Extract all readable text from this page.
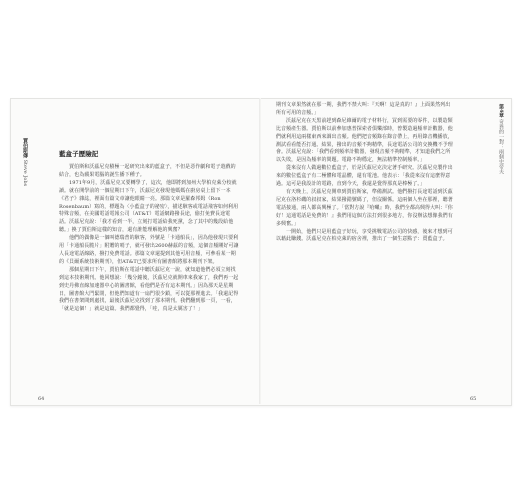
賈伯斯傳 Steve Jobs
第4章 奇異的一對：兩個史帝夫
藍盒子歷險記

賈伯斯和沃茲尼克積極一起研究出來的藍盒子，不但是惡作劇和電子遊戲的結合，也為蘋果電腦的誕生播下種子。

1971年9月，沃茲尼克又要轉學了，這次，他即將到加州大學柏克萊分校就讀。就在開學前的一個星期日下午，沃茲尼克發現他媽媽在廚房桌上留下一本《君子》雜誌，裡面有篇文章讓他眼睛一亮。那篇文章是羅森邦姆（Ron Rosenbaum）寫的，標題為〈小藍盒子的祕密〉，描述駭客或電話飛客如何利用特殊音頻，在美國電話電報公司（AT&T）電話網路撥長途，偷打免費長途電話。沃茲尼克說：「我才看到一半，立刻打電話給我死黨，念了其中的幾段給他聽。」換了賈伯斯這樣的知音，還有誰能理解他的興奮？

他們的偶像是一個叫德瑞普的駭客，外號是「卡通船長」，因為他發現只要利用「卡通船長脆片」附贈的哨子，就可發出2600赫茲的音頻，這個音頻剛好可讓人長途電話線路，撥打免費電話。那篇文章還提到其他可用音頻，可參看某一期的《貝爾系統技術期刊》，但AT&T已要求所有圖書館將那本期刊下架。

那個星期日下午，賈伯斯在電話中聽沃茲尼克一說，就知道他們必須立刻找到這本技術期刊。他回想說：「幾分鐘後，沃茲尼克就開車來我家了，我們再一起到史丹佛直線加速器中心的圖書館，看他們是否有這本期刊。」因為那天是星期日，圖書館大門緊閉，但他們知道有一扇門很少鎖，可以從那裡進去。「我還記得我們在書架間到處找，最後沃茲尼克找到了那本期刊。我們翻到那一頁，一看，「就是這個！」就是這篇。我們都覺得，「哇，真是太厲害了！」

期刊文章果然就在那一期，我們不禁大叫：『天啊！這是真的！』上面果然列出所有可用的音頻。」

沃茲尼克在天黑前趕到森尼維爾的電子材料行，買到需要的零件，以製造類比音頻產生器。賈伯斯以前參加惠普探索者俱樂部時，曾製造過頻率計數器，他們就利用這兩樣東西來調出音頻。他們把音頻錄在錄音帶上，再用錄音機播放，測試看看能否打通。結果，撥出的音頻不夠精準，長途電話公司的交換機不予理會。沃茲尼克說：「我們看到頻率計數器，發現音頻不夠精準，才知道我們之所以失敗，是因為頻率的問題。電路不夠穩定，無法精準控制頻率。」

從來沒有人做過數位藍盒子，於是沃茲尼克決定著手研究。沃茲尼克製作出來的數位藍盒子有二極體和電晶體，還有電池。他表示：「我從來沒有這麼得意過。這可是我設計的電路，直到今天，我還是覺得那真是棒極了。」

有天晚上，沃茲尼克開車到賈伯斯家，準備測試。他們撥打長途電話到沃茲尼克在洛杉磯的叔叔家，結果撥錯號碼了，但沒關係。這兩個人坐在那裡，聽著電話接通，兩人都高興極了。「當對方說『哈囉』時，我們全都高興得大叫：『你好！這通電話是免費的！』我們用這個方法打到很多地方，你沒辦法想像我們有多興奮。」

一開始，他們只是用藍盒子好玩，享受挑戰電話公司的快感，後來才想到可以藉此賺錢。沃茲尼克在柏克萊的宿舍裡，推出了一個生意點子：賣藍盒子。

64	65
